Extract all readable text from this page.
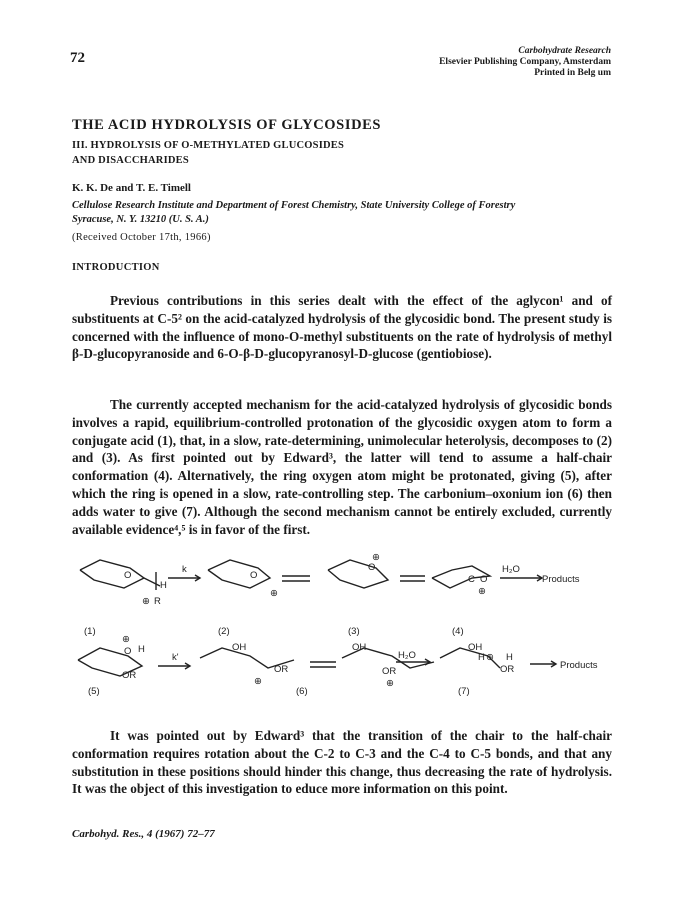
72	Carbohydrate Research
Elsevier Publishing Company, Amsterdam
Printed in Belg um
THE ACID HYDROLYSIS OF GLYCOSIDES
III. HYDROLYSIS OF O-METHYLATED GLUCOSIDES
AND DISACCHARIDES
K. K. De and T. E. Timell
Cellulose Research Institute and Department of Forest Chemistry, State University College of Forestry
Syracuse, N. Y. 13210 (U. S. A.)
(Received October 17th, 1966)
INTRODUCTION
Previous contributions in this series dealt with the effect of the aglycon¹ and of substituents at C-5² on the acid-catalyzed hydrolysis of the glycosidic bond. The present study is concerned with the influence of mono-O-methyl substituents on the rate of hydrolysis of methyl β-D-glucopyranoside and 6-O-β-D-glucopyranosyl-D-glucose (gentiobiose).
The currently accepted mechanism for the acid-catalyzed hydrolysis of glycosidic bonds involves a rapid, equilibrium-controlled protonation of the glycosidic oxygen atom to form a conjugate acid (1), that, in a slow, rate-determining, unimolecular heterolysis, decomposes to (2) and (3). As first pointed out by Edward³, the latter will tend to assume a half-chair conformation (4). Alternatively, the ring oxygen atom might be protonated, giving (5), after which the ring is opened in a slow, rate-controlling step. The carbonium–oxonium ion (6) then adds water to give (7). Although the second mechanism cannot be entirely excluded, currently available evidence⁴,⁵ is in favor of the first.
O
H
⊕ R
k
O
⊕
⊕
O
C O
⊕
H₂O
Products
(1)	(2)	(3)	(4)
O
⊕
H
OR
k'
OH
OR
⊕
OH
OR
⊕
H₂O
OH
H ⊕ H
OR	Products
(5)	(6)	(7)
It was pointed out by Edward³ that the transition of the chair to the half-chair conformation requires rotation about the C-2 to C-3 and the C-4 to C-5 bonds, and that any substitution in these positions should hinder this change, thus decreasing the rate of hydrolysis. It was the object of this investigation to educe more information on this point.
Carbohyd. Res., 4 (1967) 72–77
